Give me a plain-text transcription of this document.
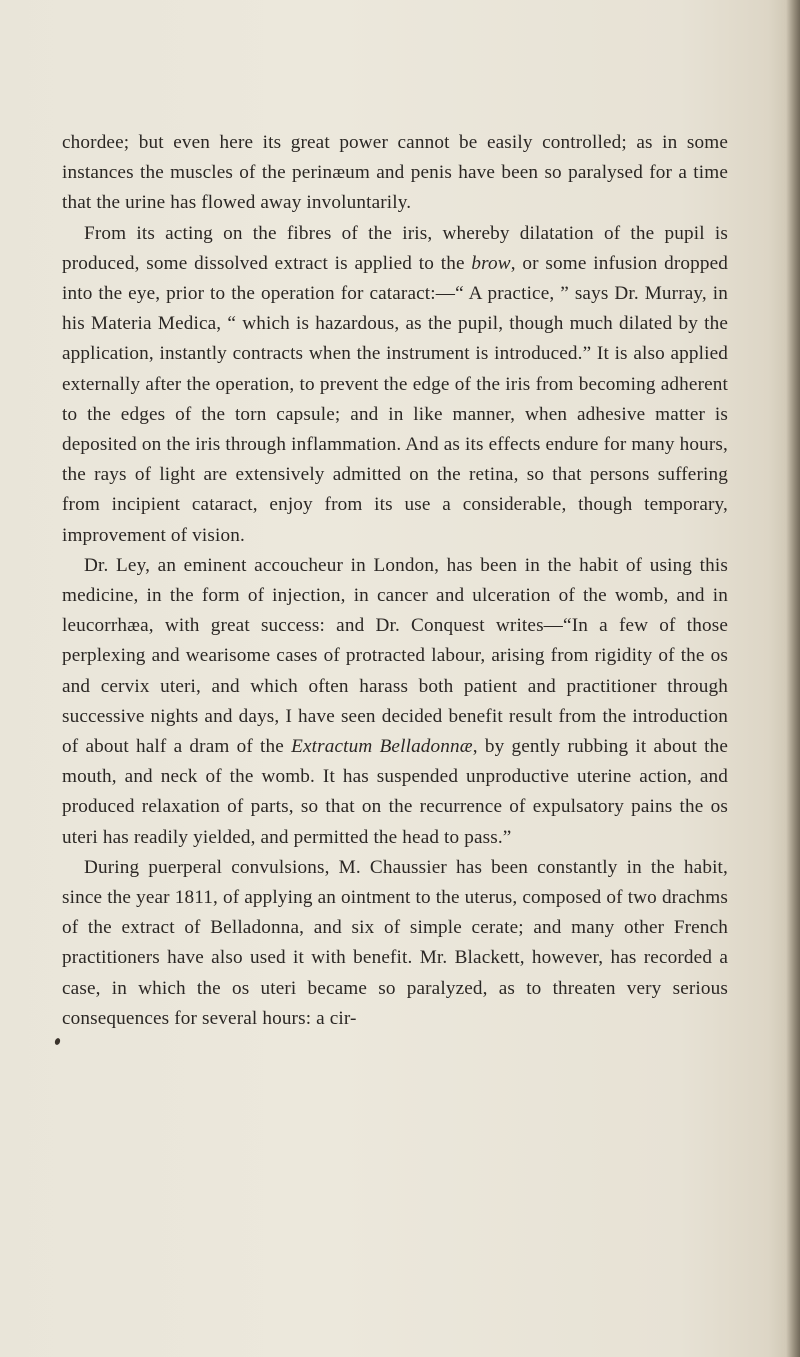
chordee; but even here its great power cannot be easily controlled; as in some instances the muscles of the perinæum and penis have been so paralysed for a time that the urine has flowed away involuntarily.

From its acting on the fibres of the iris, whereby dilatation of the pupil is produced, some dissolved extract is applied to the brow, or some infusion dropped into the eye, prior to the operation for cataract:—“ A practice, ” says Dr. Murray, in his Materia Medica, “ which is hazardous, as the pupil, though much dilated by the application, instantly contracts when the instrument is introduced.” It is also applied externally after the operation, to prevent the edge of the iris from becoming adherent to the edges of the torn capsule; and in like manner, when adhesive matter is deposited on the iris through inflammation. And as its effects endure for many hours, the rays of light are extensively admitted on the retina, so that persons suffering from incipient cataract, enjoy from its use a considerable, though temporary, improvement of vision.

Dr. Ley, an eminent accoucheur in London, has been in the habit of using this medicine, in the form of injection, in cancer and ulceration of the womb, and in leucorrhæa, with great success: and Dr. Conquest writes—“In a few of those perplexing and wearisome cases of protracted labour, arising from rigidity of the os and cervix uteri, and which often harass both patient and practitioner through successive nights and days, I have seen decided benefit result from the introduction of about half a dram of the Extractum Belladonnæ, by gently rubbing it about the mouth, and neck of the womb. It has suspended unproductive uterine action, and produced relaxation of parts, so that on the recurrence of expulsatory pains the os uteri has readily yielded, and permitted the head to pass.”

During puerperal convulsions, M. Chaussier has been constantly in the habit, since the year 1811, of applying an ointment to the uterus, composed of two drachms of the extract of Belladonna, and six of simple cerate; and many other French practitioners have also used it with benefit. Mr. Blackett, however, has recorded a case, in which the os uteri became so paralyzed, as to threaten very serious consequences for several hours: a cir-
